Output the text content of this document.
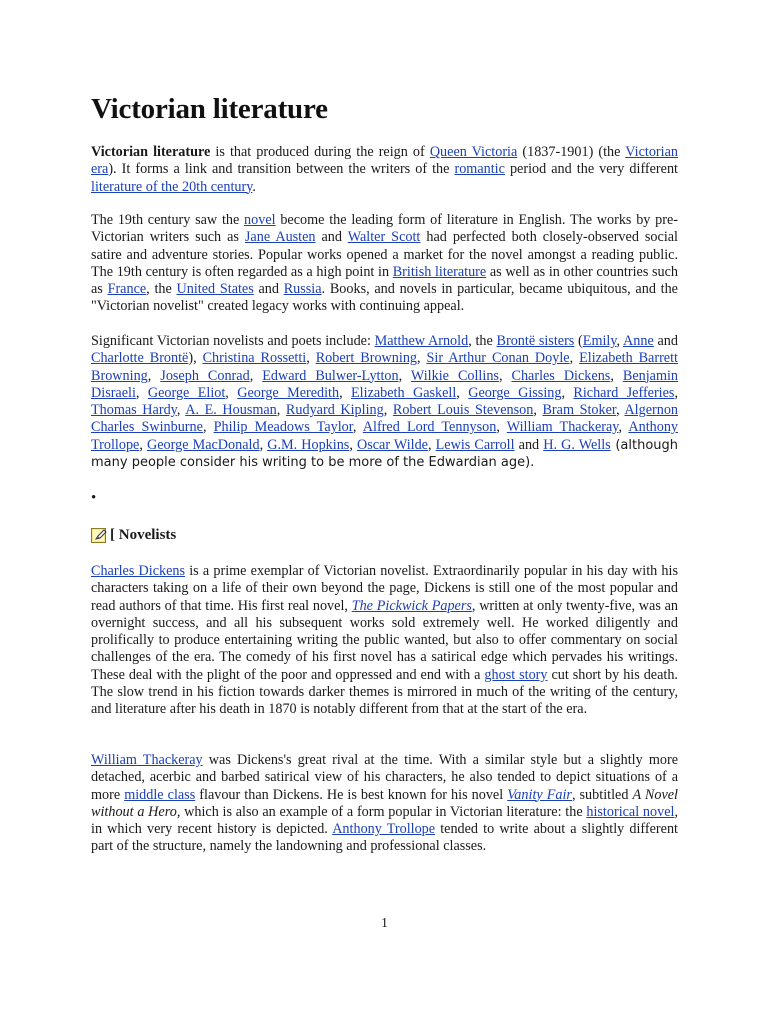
Victorian literature

Victorian literature is that produced during the reign of Queen Victoria (1837-1901) (the Victorian era). It forms a link and transition between the writers of the romantic period and the very different literature of the 20th century.

The 19th century saw the novel become the leading form of literature in English. The works by pre-Victorian writers such as Jane Austen and Walter Scott had perfected both closely-observed social satire and adventure stories. Popular works opened a market for the novel amongst a reading public. The 19th century is often regarded as a high point in British literature as well as in other countries such as France, the United States and Russia. Books, and novels in particular, became ubiquitous, and the "Victorian novelist" created legacy works with continuing appeal.

Significant Victorian novelists and poets include: Matthew Arnold, the Brontë sisters (Emily, Anne and Charlotte Brontë), Christina Rossetti, Robert Browning, Sir Arthur Conan Doyle, Elizabeth Barrett Browning, Joseph Conrad, Edward Bulwer-Lytton, Wilkie Collins, Charles Dickens, Benjamin Disraeli, George Eliot, George Meredith, Elizabeth Gaskell, George Gissing, Richard Jefferies, Thomas Hardy, A. E. Housman, Rudyard Kipling, Robert Louis Stevenson, Bram Stoker, Algernon Charles Swinburne, Philip Meadows Taylor, Alfred Lord Tennyson, William Thackeray, Anthony Trollope, George MacDonald, G.M. Hopkins, Oscar Wilde, Lewis Carroll and H. G. Wells (although many people consider his writing to be more of the Edwardian age).

•
[ Novelists

Charles Dickens is a prime exemplar of Victorian novelist. Extraordinarily popular in his day with his characters taking on a life of their own beyond the page, Dickens is still one of the most popular and read authors of that time. His first real novel, The Pickwick Papers, written at only twenty-five, was an overnight success, and all his subsequent works sold extremely well. He worked diligently and prolifically to produce entertaining writing the public wanted, but also to offer commentary on social challenges of the era. The comedy of his first novel has a satirical edge which pervades his writings. These deal with the plight of the poor and oppressed and end with a ghost story cut short by his death. The slow trend in his fiction towards darker themes is mirrored in much of the writing of the century, and literature after his death in 1870 is notably different from that at the start of the era.

William Thackeray was Dickens's great rival at the time. With a similar style but a slightly more detached, acerbic and barbed satirical view of his characters, he also tended to depict situations of a more middle class flavour than Dickens. He is best known for his novel Vanity Fair, subtitled A Novel without a Hero, which is also an example of a form popular in Victorian literature: the historical novel, in which very recent history is depicted. Anthony Trollope tended to write about a slightly different part of the structure, namely the landowning and professional classes.

1
